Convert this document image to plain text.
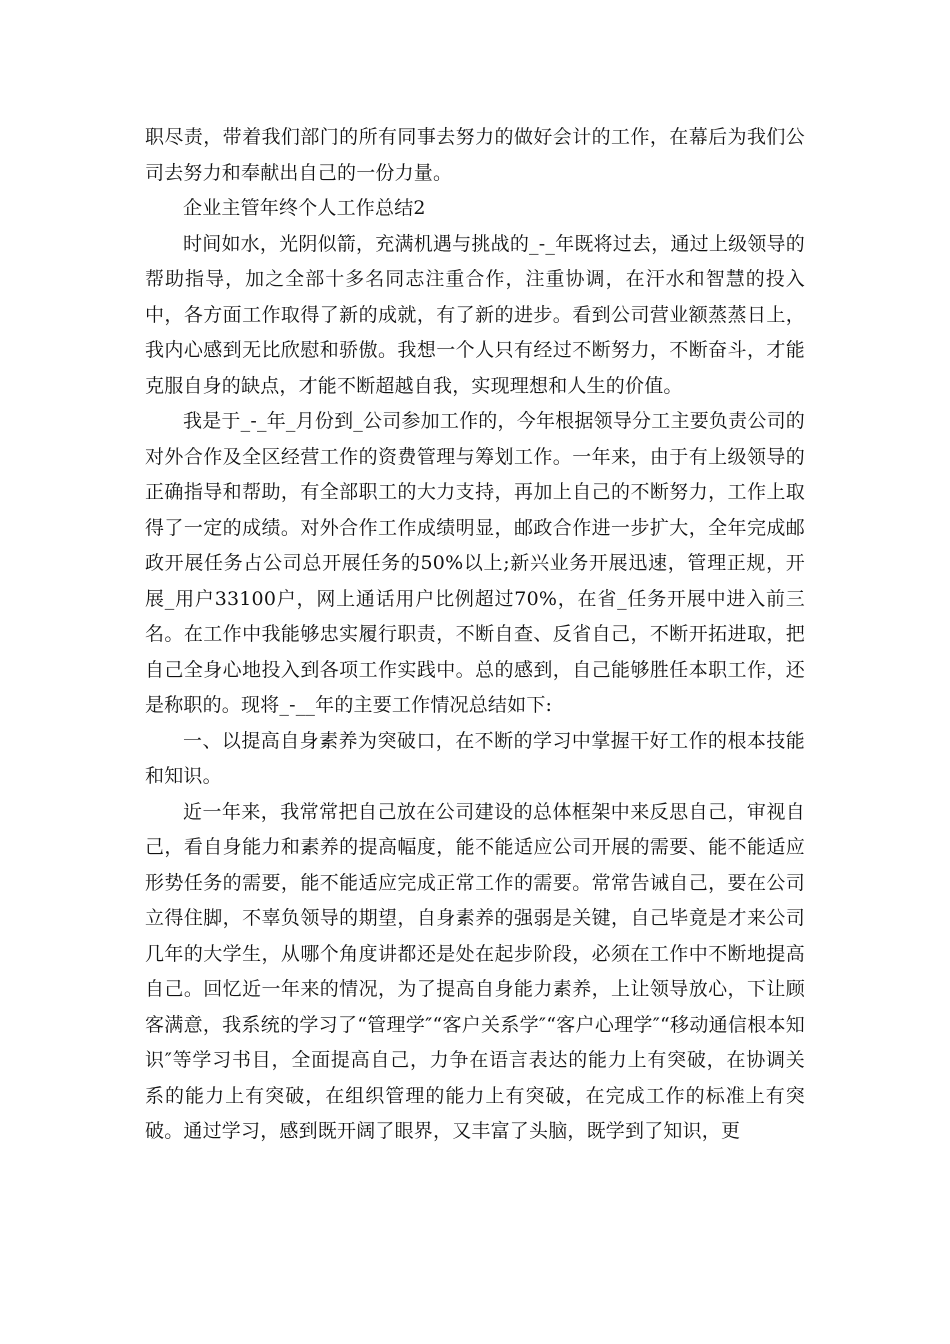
职尽责，带着我们部门的所有同事去努力的做好会计的工作，在幕后为我们公司去努力和奉献出自己的一份力量。

企业主管年终个人工作总结2

时间如水，光阴似箭，充满机遇与挑战的_-_年既将过去，通过上级领导的帮助指导，加之全部十多名同志注重合作，注重协调，在汗水和智慧的投入中，各方面工作取得了新的成就，有了新的进步。看到公司营业额蒸蒸日上，我内心感到无比欣慰和骄傲。我想一个人只有经过不断努力，不断奋斗，才能克服自身的缺点，才能不断超越自我，实现理想和人生的价值。

我是于_-_年_月份到_公司参加工作的，今年根据领导分工主要负责公司的对外合作及全区经营工作的资费管理与筹划工作。一年来，由于有上级领导的正确指导和帮助，有全部职工的大力支持，再加上自己的不断努力，工作上取得了一定的成绩。对外合作工作成绩明显，邮政合作进一步扩大，全年完成邮政开展任务占公司总开展任务的50%以上;新兴业务开展迅速，管理正规，开展_用户33100户，网上通话用户比例超过70%，在省_任务开展中进入前三名。在工作中我能够忠实履行职责，不断自查、反省自己，不断开拓进取，把自己全身心地投入到各项工作实践中。总的感到，自己能够胜任本职工作，还是称职的。现将_-__年的主要工作情况总结如下:

一、以提高自身素养为突破口，在不断的学习中掌握干好工作的根本技能和知识。

近一年来，我常常把自己放在公司建设的总体框架中来反思自己，审视自己，看自身能力和素养的提高幅度，能不能适应公司开展的需要、能不能适应形势任务的需要，能不能适应完成正常工作的需要。常常告诫自己，要在公司立得住脚，不辜负领导的期望，自身素养的强弱是关键，自己毕竟是才来公司几年的大学生，从哪个角度讲都还是处在起步阶段，必须在工作中不断地提高自己。回忆近一年来的情况，为了提高自身能力素养，上让领导放心，下让顾客满意，我系统的学习了“管理学″“客户关系学″“客户心理学″“移动通信根本知识″等学习书目，全面提高自己，力争在语言表达的能力上有突破，在协调关系的能力上有突破，在组织管理的能力上有突破，在完成工作的标准上有突破。通过学习，感到既开阔了眼界，又丰富了头脑，既学到了知识，更
